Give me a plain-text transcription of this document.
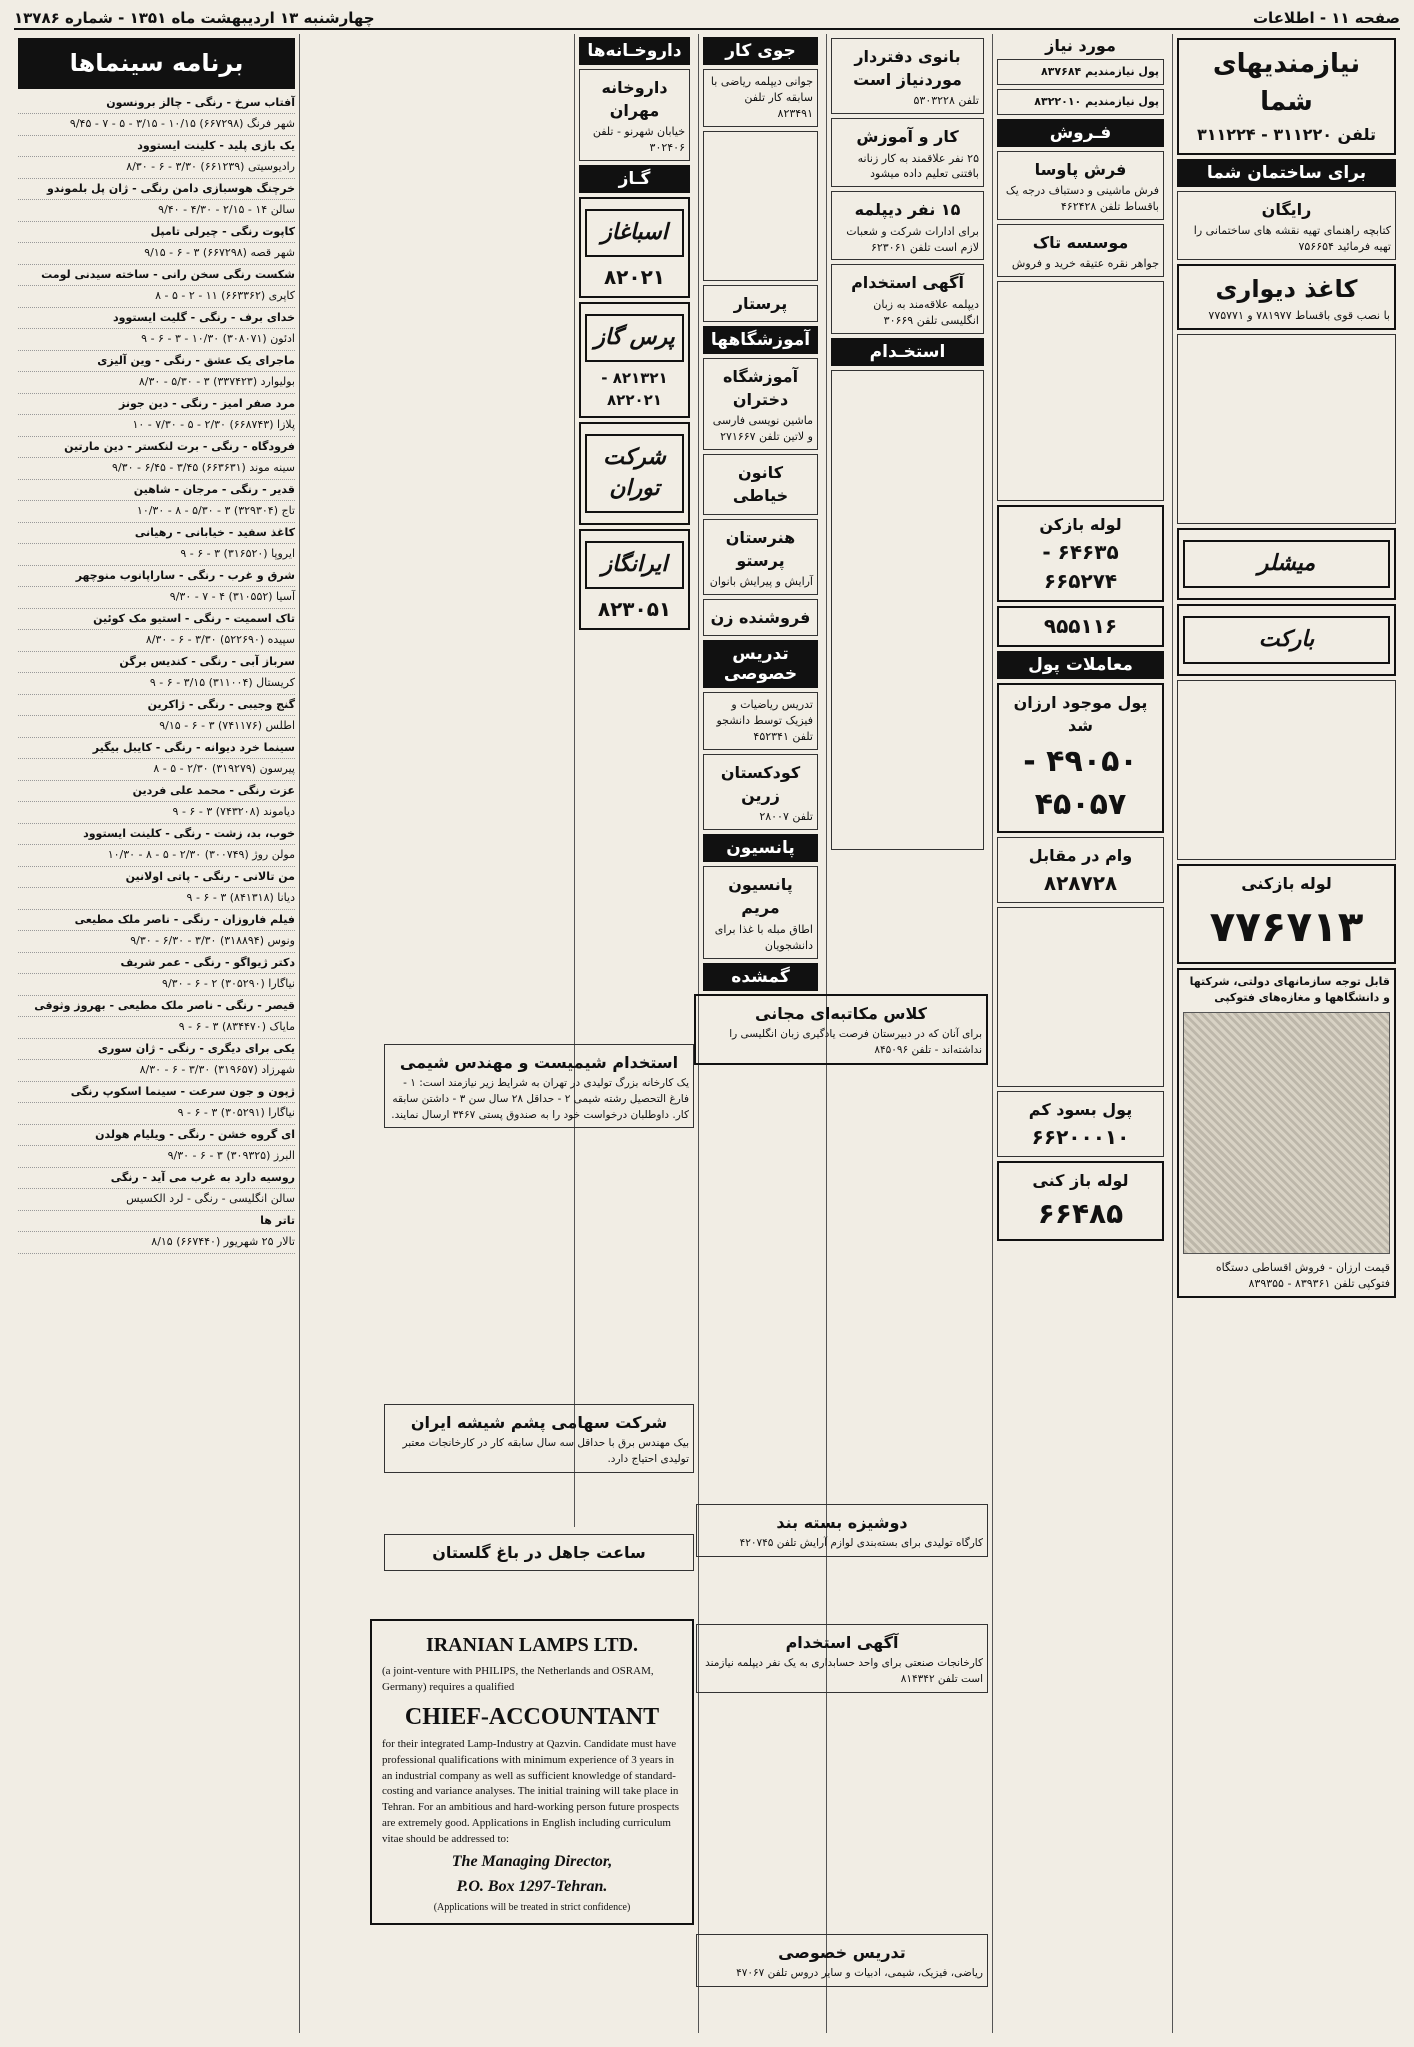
صفحه ۱۱ - اطلاعات
چهارشنبه ۱۳ اردیبهشت ماه ۱۳۵۱ - شماره ۱۳۷۸۶
نیازمندیهای شما
تلفن ۳۱۱۲۲۰ - ۳۱۱۲۲۴
برای ساختمان شما
رایگان
کتابچه راهنمای تهیه نقشه های ساختمانی را تهیه فرمائید ۷۵۶۶۵۴
کاغذ دیواری
با نصب قوی باقساط ۷۸۱۹۷۷ و ۷۷۵۷۷۱
میشلر
بارکت
لوله بازکنی
۷۷۶۷۱۳
قابل توجه سازمانهای دولتی، شرکتها و دانشگاهها و مغازه‌های فتوکپی
قیمت ارزان - فروش اقساطی دستگاه فتوکپی تلفن ۸۳۹۳۶۱ - ۸۳۹۳۵۵
مورد نیاز
پول نیازمندیم ۸۳۷۶۸۴
پول نیازمندیم ۸۳۲۲۰۱۰
فـروش
فرش پاوسا
فرش ماشینی و دستباف درجه یک باقساط تلفن ۴۶۲۴۲۸
موسسه تاک
جواهر نقره عتیقه خرید و فروش
لوله بازکن
۶۴۶۳۵ - ۶۶۵۲۷۴
۹۵۵۱۱۶
معاملات پول
پول موجود ارزان شد
۴۹۰۵۰ - ۴۵۰۵۷
وام در مقابل
۸۲۸۷۲۸
پول بسود کم
۶۶۲۰۰۰۱۰
لوله باز کنی
۶۶۴۸۵
بانوی دفتردار موردنیاز است
تلفن ۵۳۰۳۲۲۸
کار و آموزش
۲۵ نفر علاقمند به کار زنانه بافتنی تعلیم داده میشود
۱۵ نفر دیپلمه
برای ادارات شرکت و شعبات لازم است تلفن ۶۲۳۰۶۱
آگهی استخدام
دیپلمه علاقه‌مند به زبان انگلیسی تلفن ۳۰۶۶۹
استخـدام
جوی کار
جوانی دیپلمه ریاضی با سابقه کار تلفن ۸۲۳۴۹۱
پرستار
آموزشگاهها
آموزشگاه دختران
ماشین نویسی فارسی و لاتین تلفن ۲۷۱۶۶۷
کانون خیاطی
هنرستان پرستو
آرایش و پیرایش بانوان
فروشنده زن
تدریس خصوصی
تدریس ریاضیات و فیزیک توسط دانشجو تلفن ۴۵۲۳۴۱
کودکستان زرین
تلفن ۲۸۰۰۷
پانسیون
پانسیون مریم
اطاق مبله با غذا برای دانشجویان
گمشده
داروخـانه‌ها
داروخانه مهران
خیابان شهرنو - تلفن ۳۰۲۴۰۶
گـاز
اسباغاز
۸۲۰۲۱
پرس گاز
۸۲۱۳۲۱ - ۸۲۲۰۲۱
شرکت توران
ایرانگاز
۸۲۳۰۵۱
کلاس مکاتبه‌ای مجانی
برای آنان که در دبیرستان فرصت یادگیری زبان انگلیسی را نداشته‌اند - تلفن ۸۴۵۰۹۶
استخدام شیمیست و مهندس شیمی
یک کارخانه بزرگ تولیدی در تهران به شرایط زیر نیازمند است: ۱ - فارغ التحصیل رشته شیمی ۲ - حداقل ۲۸ سال سن ۳ - داشتن سابقه کار. داوطلبان درخواست خود را به صندوق پستی ۳۴۶۷ ارسال نمایند.
شرکت سهامی پشم شیشه ایران
بیک مهندس برق با حداقل سه سال سابقه کار در کارخانجات معتبر تولیدی احتیاج دارد.
ساعت جاهل در باغ گلستان
دوشیزه بسته بند
کارگاه تولیدی برای بسته‌بندی لوازم آرایش تلفن ۴۲۰۷۴۵
آگهی استخدام
کارخانجات صنعتی برای واحد حسابداری به یک نفر دیپلمه نیازمند است تلفن ۸۱۴۳۴۲
تدریس خصوصی
ریاضی، فیزیک، شیمی، ادبیات و سایر دروس تلفن ۴۷۰۶۷
IRANIAN LAMPS LTD.
(a joint-venture with PHILIPS, the Netherlands and OSRAM, Germany) requires a qualified
CHIEF-ACCOUNTANT
for their integrated Lamp-Industry at Qazvin. Candidate must have professional qualifications with minimum experience of 3 years in an industrial company as well as sufficient knowledge of standard-costing and variance analyses. The initial training will take place in Tehran. For an ambitious and hard-working person future prospects are extremely good. Applications in English including curriculum vitae should be addressed to:
The Managing Director,
P.O. Box 1297-Tehran.
(Applications will be treated in strict confidence)
برنامه سینماها
آفتاب سرخ - رنگی - چالز برونسون
شهر فرنگ (۶۶۷۲۹۸) ۱۰/۱۵ - ۳/۱۵ - ۵ - ۷ - ۹/۴۵
یک بازی پلید - کلینت ایستوود
رادیوسیتی (۶۶۱۲۳۹) ۳/۳۰ - ۶ - ۸/۳۰
خرچنگ هوسبازی دامن رنگی - ژان پل بلموندو
سالن ۱۴ - ۲/۱۵ - ۴/۳۰ - ۹/۴۰
کاپوت رنگی - چیرلی تامپل
شهر قصه (۶۶۷۲۹۸) ۳ - ۶ - ۹/۱۵
شکست رنگی سخن رانی - ساخته سیدنی لومت
کاپری (۶۶۳۳۶۲) ۱۱ - ۲ - ۵ - ۸
خدای برف - رنگی - گلیت ایستوود
ادئون (۳۰۸۰۷۱) ۱۰/۳۰ - ۳ - ۶ - ۹
ماجرای یک عشق - رنگی - وین آلیزی
بولیوارد (۳۳۷۴۲۳) ۳ - ۵/۳۰ - ۸/۳۰
مرد صفر امیز - رنگی - دین جونز
پلازا (۶۶۸۷۴۳) ۲/۳۰ - ۵ - ۷/۳۰ - ۱۰
فرودگاه - رنگی - برت لنکستر - دین مارتین
سینه موند (۶۶۳۶۳۱) ۳/۴۵ - ۶/۴۵ - ۹/۳۰
قدیر - رنگی - مرجان - شاهین
تاج (۳۲۹۳۰۴) ۳ - ۵/۳۰ - ۸ - ۱۰/۳۰
کاغذ سفید - خیابانی - رهیانی
ایروپا (۳۱۶۵۲۰) ۳ - ۶ - ۹
شرق و غرب - رنگی - ساراپانوب منوچهر
آسیا (۳۱۰۵۵۲) ۴ - ۷ - ۹/۳۰
تاک اسمیت - رنگی - استیو مک کوئین
سپیده (۵۲۲۶۹۰) ۳/۳۰ - ۶ - ۸/۳۰
سرباز آبی - رنگی - کندیس برگن
کریستال (۳۱۱۰۰۴) ۳/۱۵ - ۶ - ۹
گنج وجیبی - رنگی - ژاکرین
اطلس (۷۴۱۱۷۶) ۳ - ۶ - ۹/۱۵
سینما خرد دیوانه - رنگی - کایبل بیگیر
پیرسون (۳۱۹۲۷۹) ۲/۳۰ - ۵ - ۸
عزت رنگی - محمد علی فردین
دیاموند (۷۴۳۲۰۸) ۳ - ۶ - ۹
خوب، بد، زشت - رنگی - کلینت ایستوود
مولن روژ (۳۰۰۷۴۹) ۲/۳۰ - ۵ - ۸ - ۱۰/۳۰
من تالانی - رنگی - پاتی اولانین
دیانا (۸۴۱۳۱۸) ۳ - ۶ - ۹
فیلم فاروزان - رنگی - ناصر ملک مطیعی
ونوس (۳۱۸۸۹۴) ۳/۳۰ - ۶/۳۰ - ۹/۳۰
دکتر ژیواگو - رنگی - عمر شریف
نیاگارا (۳۰۵۲۹۰) ۲ - ۶ - ۹/۳۰
قیصر - رنگی - ناصر ملک مطیعی - بهروز وثوقی
مایاک (۸۳۴۴۷۰) ۳ - ۶ - ۹
یکی برای دیگری - رنگی - ژان سوری
شهرزاد (۳۱۹۶۵۷) ۳/۳۰ - ۶ - ۸/۳۰
ژپون و جون سرعت - سینما اسکوپ رنگی
نیاگارا (۳۰۵۲۹۱) ۳ - ۶ - ۹
ای گروه خشن - رنگی - ویلیام هولدن
البرز (۳۰۹۳۲۵) ۳ - ۶ - ۹/۳۰
روسیه دارد به غرب می آید - رنگی
سالن انگلیسی - رنگی - لرد الکسیس
تاتر ها
تالار ۲۵ شهریور (۶۶۷۴۴۰) ۸/۱۵
